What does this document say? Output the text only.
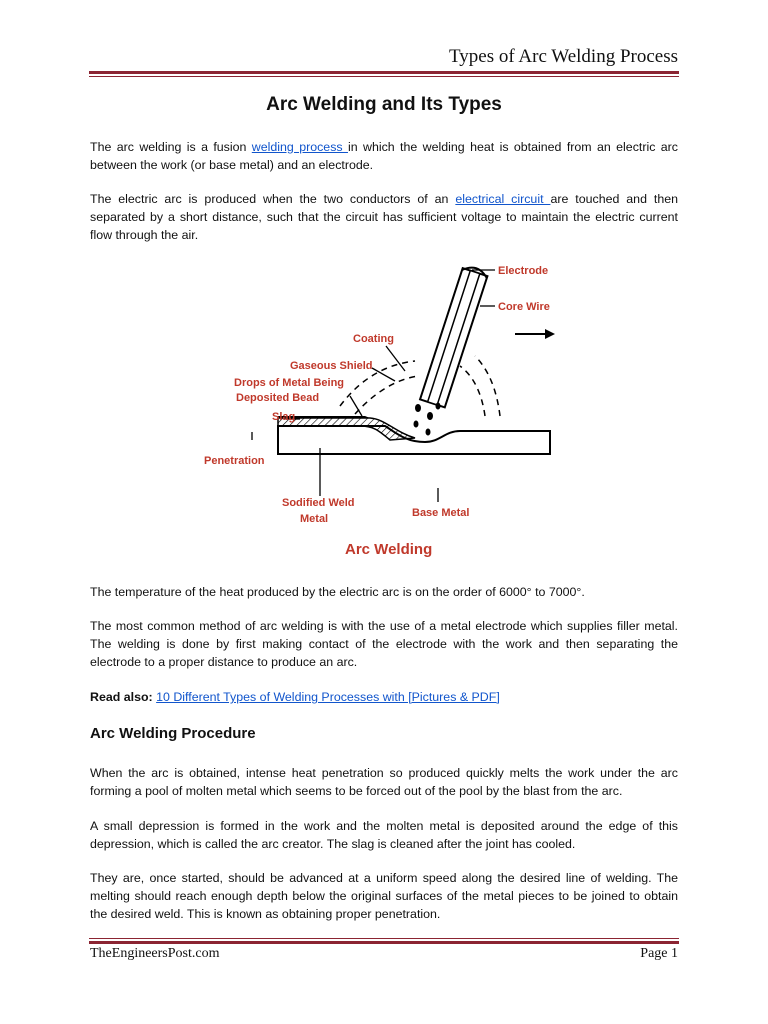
Types of Arc Welding Process
Arc Welding and Its Types
The arc welding is a fusion welding process in which the welding heat is obtained from an electric arc between the work (or base metal) and an electrode.
The electric arc is produced when the two conductors of an electrical circuit are touched and then separated by a short distance, such that the circuit has sufficient voltage to maintain the electric current flow through the air.
Electrode
Core Wire
Coating
Gaseous Shield
Drops of Metal Being
Deposited Bead
Slag
Penetration
Sodified Weld
Metal	Base Metal
Arc Welding
The temperature of the heat produced by the electric arc is on the order of 6000° to 7000°.
The most common method of arc welding is with the use of a metal electrode which supplies filler metal. The welding is done by first making contact of the electrode with the work and then separating the electrode to a proper distance to produce an arc.
Read also: 10 Different Types of Welding Processes with [Pictures & PDF]
Arc Welding Procedure
When the arc is obtained, intense heat penetration so produced quickly melts the work under the arc forming a pool of molten metal which seems to be forced out of the pool by the blast from the arc.
A small depression is formed in the work and the molten metal is deposited around the edge of this depression, which is called the arc creator. The slag is cleaned after the joint has cooled.
They are, once started, should be advanced at a uniform speed along the desired line of welding. The melting should reach enough depth below the original surfaces of the metal pieces to be joined to obtain the desired weld. This is known as obtaining proper penetration.
TheEngineersPost.com	Page 1
